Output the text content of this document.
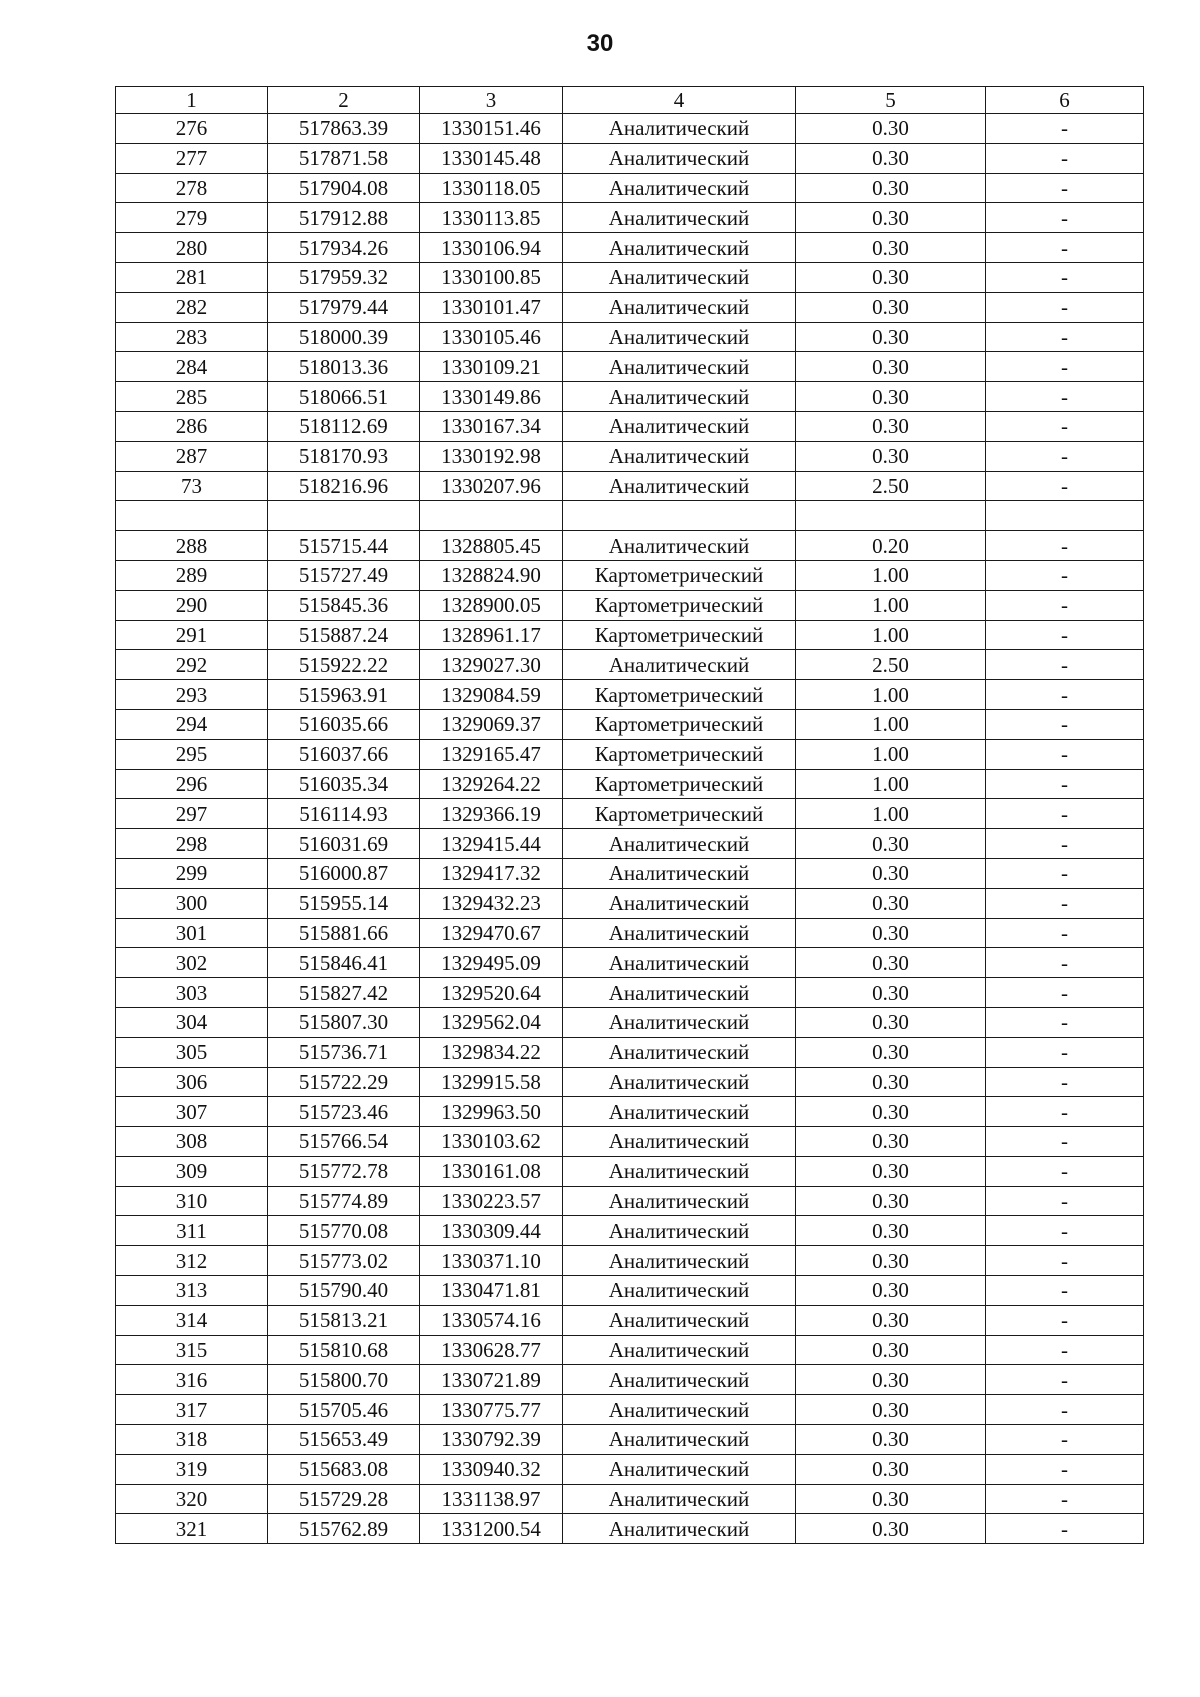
30
1	2	3	4	5	6
276	517863.39	1330151.46	Аналитический	0.30	-
277	517871.58	1330145.48	Аналитический	0.30	-
278	517904.08	1330118.05	Аналитический	0.30	-
279	517912.88	1330113.85	Аналитический	0.30	-
280	517934.26	1330106.94	Аналитический	0.30	-
281	517959.32	1330100.85	Аналитический	0.30	-
282	517979.44	1330101.47	Аналитический	0.30	-
283	518000.39	1330105.46	Аналитический	0.30	-
284	518013.36	1330109.21	Аналитический	0.30	-
285	518066.51	1330149.86	Аналитический	0.30	-
286	518112.69	1330167.34	Аналитический	0.30	-
287	518170.93	1330192.98	Аналитический	0.30	-
73	518216.96	1330207.96	Аналитический	2.50	-

288	515715.44	1328805.45	Аналитический	0.20	-
289	515727.49	1328824.90	Картометрический	1.00	-
290	515845.36	1328900.05	Картометрический	1.00	-
291	515887.24	1328961.17	Картометрический	1.00	-
292	515922.22	1329027.30	Аналитический	2.50	-
293	515963.91	1329084.59	Картометрический	1.00	-
294	516035.66	1329069.37	Картометрический	1.00	-
295	516037.66	1329165.47	Картометрический	1.00	-
296	516035.34	1329264.22	Картометрический	1.00	-
297	516114.93	1329366.19	Картометрический	1.00	-
298	516031.69	1329415.44	Аналитический	0.30	-
299	516000.87	1329417.32	Аналитический	0.30	-
300	515955.14	1329432.23	Аналитический	0.30	-
301	515881.66	1329470.67	Аналитический	0.30	-
302	515846.41	1329495.09	Аналитический	0.30	-
303	515827.42	1329520.64	Аналитический	0.30	-
304	515807.30	1329562.04	Аналитический	0.30	-
305	515736.71	1329834.22	Аналитический	0.30	-
306	515722.29	1329915.58	Аналитический	0.30	-
307	515723.46	1329963.50	Аналитический	0.30	-
308	515766.54	1330103.62	Аналитический	0.30	-
309	515772.78	1330161.08	Аналитический	0.30	-
310	515774.89	1330223.57	Аналитический	0.30	-
311	515770.08	1330309.44	Аналитический	0.30	-
312	515773.02	1330371.10	Аналитический	0.30	-
313	515790.40	1330471.81	Аналитический	0.30	-
314	515813.21	1330574.16	Аналитический	0.30	-
315	515810.68	1330628.77	Аналитический	0.30	-
316	515800.70	1330721.89	Аналитический	0.30	-
317	515705.46	1330775.77	Аналитический	0.30	-
318	515653.49	1330792.39	Аналитический	0.30	-
319	515683.08	1330940.32	Аналитический	0.30	-
320	515729.28	1331138.97	Аналитический	0.30	-
321	515762.89	1331200.54	Аналитический	0.30	-
